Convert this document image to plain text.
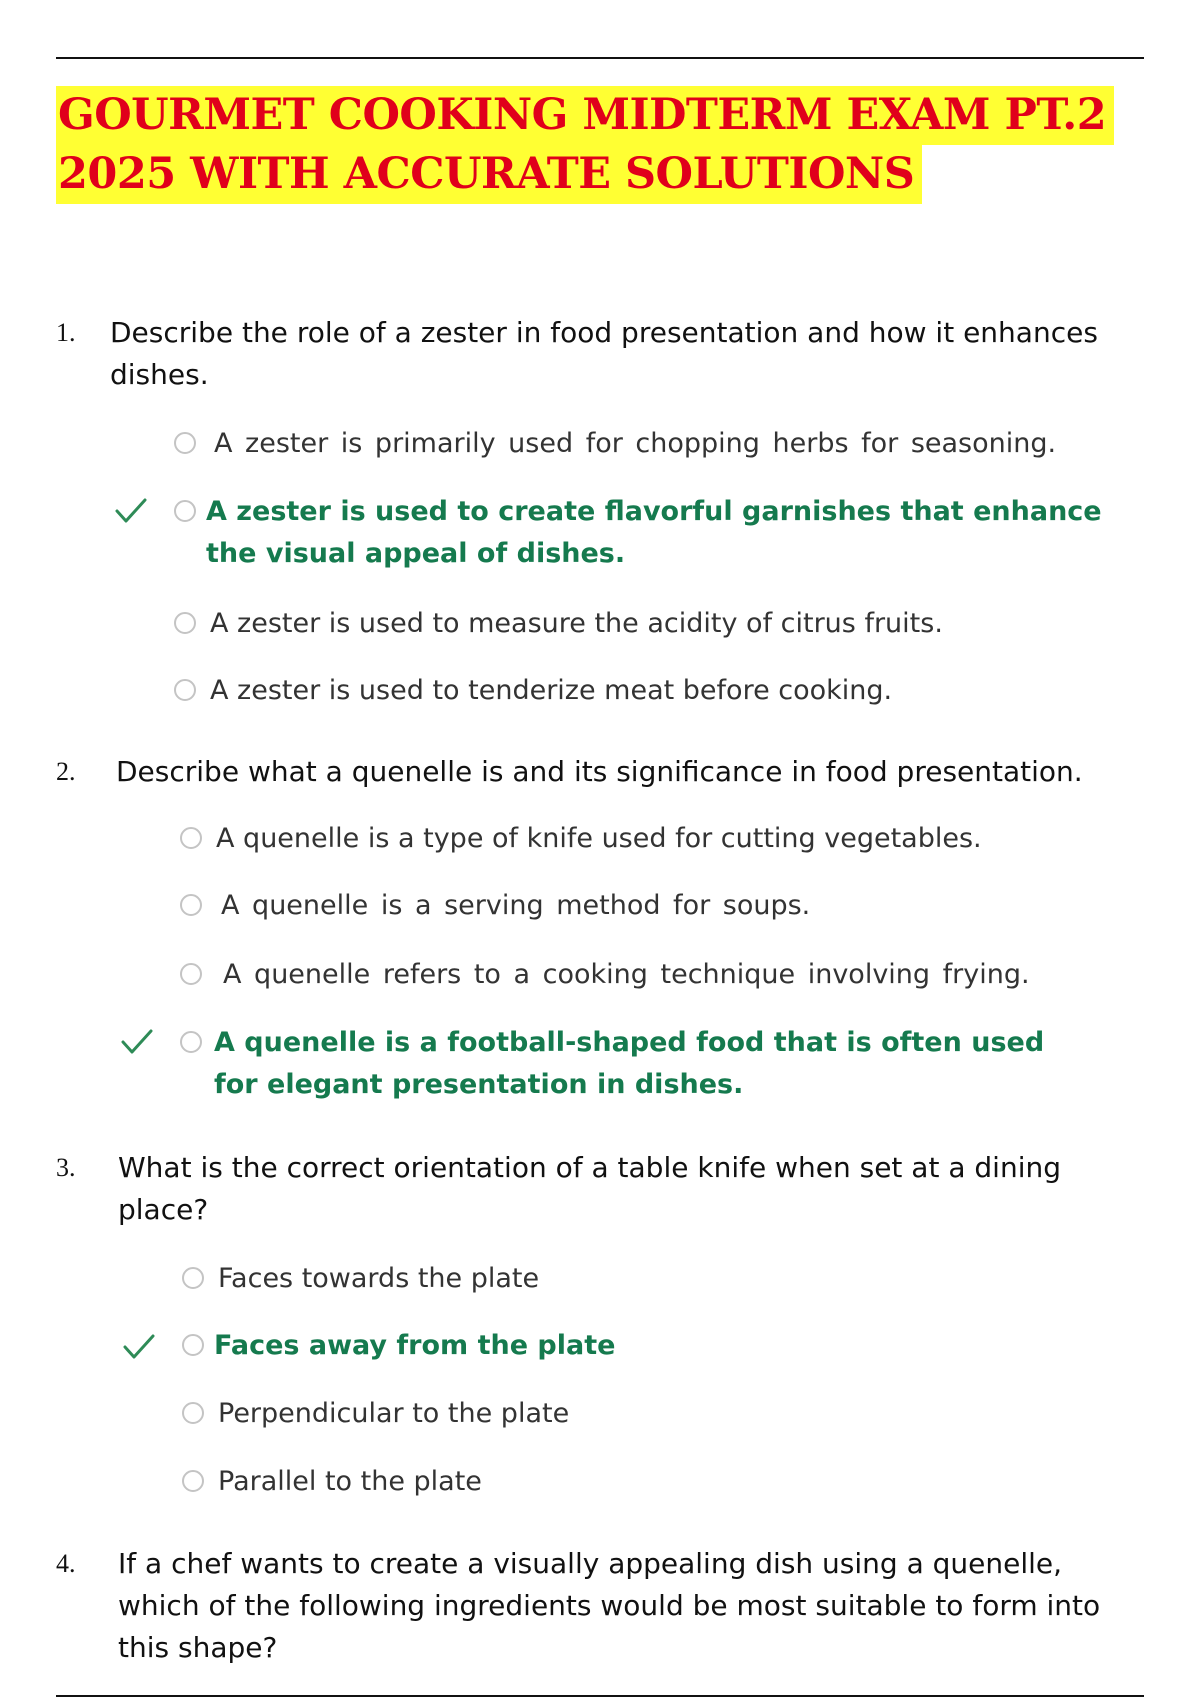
GOURMET COOKING MIDTERM EXAM PT.2
2025 WITH ACCURATE SOLUTIONS
1. Describe the role of a zester in food presentation and how it enhances dishes.

A zester is primarily used for chopping herbs for seasoning.
A zester is used to create flavorful garnishes that enhance the visual appeal of dishes.
A zester is used to measure the acidity of citrus fruits.
A zester is used to tenderize meat before cooking.
2. Describe what a quenelle is and its significance in food presentation.

A quenelle is a type of knife used for cutting vegetables.
A quenelle is a serving method for soups.
A quenelle refers to a cooking technique involving frying.
A quenelle is a football-shaped food that is often used for elegant presentation in dishes.
3. What is the correct orientation of a table knife when set at a dining place?

Faces towards the plate
Faces away from the plate
Perpendicular to the plate
Parallel to the plate
4. If a chef wants to create a visually appealing dish using a quenelle, which of the following ingredients would be most suitable to form into this shape?
